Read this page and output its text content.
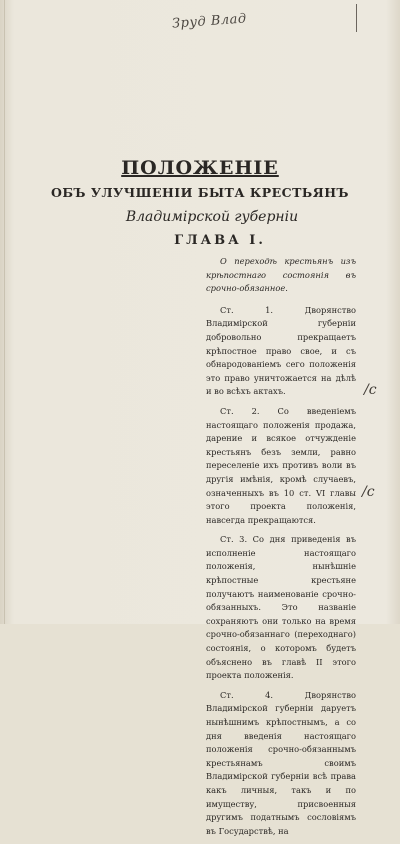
Зруд Влад
ПОЛОЖЕНIЕ
ОБЪ УЛУЧШЕНIИ БЫТА КРЕСТЬЯНЪ
Владимiрской губернiи
ГЛАВА I.

О переходѣ крестьянъ изъ крѣпостнаго состоянiя въ срочно-обязанное.

Ст. 1. Дворянство Владимiрской губернiи добровольно прекращаетъ крѣпостное право свое, и съ обнародованiемъ сего положенiя это право уничтожается на дѣлѣ и во всѣхъ актахъ.

Ст. 2. Со введенiемъ настоящаго положенiя продажа, дарение и всякое отчужденiе крестьянъ безъ земли, равно переселенiе ихъ противъ воли въ другiя имѣнiя, кромѣ случаевъ, означенныхъ въ 10 ст. VI главы этого проекта положенiя, навсегда прекращаются.

Ст. 3. Со дня приведенiя въ исполненiе настоящаго положенiя, нынѣшнiе крѣпостные крестьяне получаютъ наименованiе срочно-обязанныхъ. Это названiе сохраняютъ они только на время срочно-обязаннаго (переходнаго) состоянiя, о которомъ будетъ объяснено въ главѣ II этого проекта положенiя.

Ст. 4. Дворянство Владимiрской губернiи даруетъ нынѣшнимъ крѣпостнымъ, а со дня введенiя настоящаго положенiя срочно-обязаннымъ крестьянамъ своимъ Владимiрской губернiи всѣ права какъ личныя, такъ и по имуществу, присвоенныя другимъ податнымъ сословiямъ въ Государствѣ, на

/с
/с
